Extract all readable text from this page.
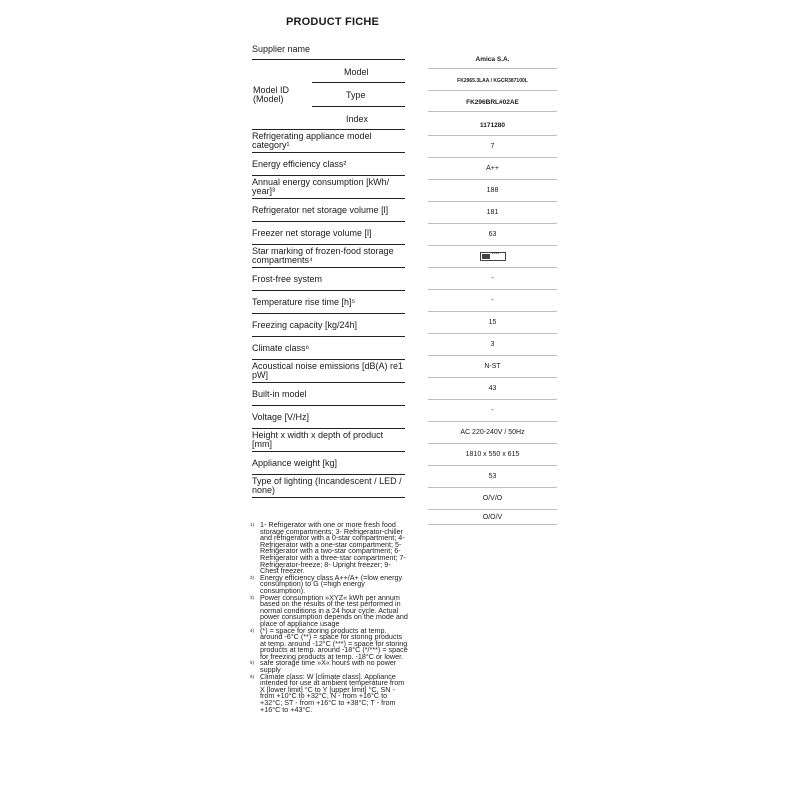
PRODUCT FICHE
Supplier name
Model ID (Model)
Model
Type
Index
Refrigerating appliance model category¹
Energy efficiency class²
Annual energy consumption [kWh/ year]³
Refrigerator net storage volume [l]
Freezer net storage volume [l]
Star marking of frozen-food storage compartments⁴
Frost-free system
Temperature rise time [h]⁵
Freezing capacity [kg/24h]
Climate class⁶
Acoustical noise emissions [dB(A) re1 pW]
Built-in model
Voltage [V/Hz]
Height x width x depth of product [mm]
Appliance weight [kg]
Type of lighting (Incandescent / LED / none)
Amica S.A.
FK2965.3LAA / KGCR387100L
FK296BRL#02AE
1171280
7
A++
188
181
63
****
-
-
15
3
N-ST
43
-
AC 220-240V / 50Hz
1810 x 550 x 615
53
O/V/O
O/O/V
1) 1- Refrigerator with one or more fresh food storage compartments; 3- Refrigerator-chiller and refrigerator with a 0-star compartment; 4- Refrigerator with a one-star compartment; 5- Refrigerator with a two-star compartment; 6- Refrigerator with a three-star compartment; 7- Refrigerator-freeze; 8- Upright freezer; 9- Chest freezer.
2) Energy efficiency class A++/A+ (=low energy consumption) to G (=high energy consumption).
3) Power consumption »XYZ« kWh per annum based on the results of the test performed in normal conditions in a 24 hour cycle. Actual power consumption depends on the mode and place of appliance usage
4) (*) = space for storing products at temp. around -6°C (**) = space for storing products at temp. around -12°C (***) = space for storing products at temp. around -18°C (*/***) = space for freezing products at temp. -18°C or lower.
5) safe storage time »X« hours with no power supply
6) Climate class: W [climate class]. Appliance intended for use at ambient temperature from X [lower limit] °C to Y [upper limit] °C, SN - from +10°C to +32°C, N - from +16°C to +32°C; ST - from +16°C to +38°C; T - from +16°C to +43°C.
